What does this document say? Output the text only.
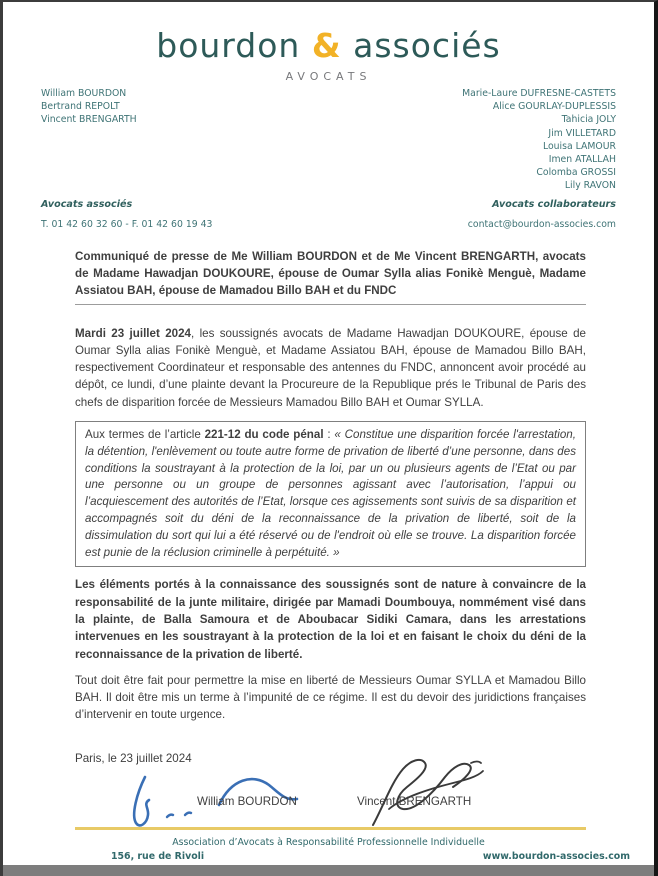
bourdon & associés
AVOCATS
William BOURDON
Bertrand REPOLT
Vincent BRENGARTH
Marie-Laure DUFRESNE-CASTETS
Alice GOURLAY-DUPLESSIS
Tahicia JOLY
Jim VILLETARD
Louisa LAMOUR
Imen ATALLAH
Colomba GROSSI
Lily RAVON
Avocats associés	Avocats collaborateurs
T. 01 42 60 32 60 - F. 01 42 60 19 43	contact@bourdon-associes.com

Communiqué de presse de Me William BOURDON et de Me Vincent BRENGARTH, avocats de Madame Hawadjan DOUKOURE, épouse de Oumar Sylla alias Fonikè Menguè, Madame Assiatou BAH, épouse de Mamadou Billo BAH et du FNDC

Mardi 23 juillet 2024, les soussignés avocats de Madame Hawadjan DOUKOURE, épouse de Oumar Sylla alias Fonikè Menguè, et Madame Assiatou BAH, épouse de Mamadou Billo BAH, respectivement Coordinateur et responsable des antennes du FNDC, annoncent avoir procédé au dépôt, ce lundi, d’une plainte devant la Procureure de la Republique prés le Tribunal de Paris des chefs de disparition forcée de Messieurs Mamadou Billo BAH et Oumar SYLLA.

Aux termes de l’article 221-12 du code pénal : « Constitue une disparition forcée l'arrestation, la détention, l'enlèvement ou toute autre forme de privation de liberté d’une personne, dans des conditions la soustrayant à la protection de la loi, par un ou plusieurs agents de l’Etat ou par une personne ou un groupe de personnes agissant avec l’autorisation, l’appui ou l’acquiescement des autorités de l’Etat, lorsque ces agissements sont suivis de sa disparition et accompagnés soit du déni de la reconnaissance de la privation de liberté, soit de la dissimulation du sort qui lui a été réservé ou de l'endroit où elle se trouve. La disparition forcée est punie de la réclusion criminelle à perpétuité. »

Les éléments portés à la connaissance des soussignés sont de nature à convaincre de la responsabilité de la junte militaire, dirigée par Mamadi Doumbouya, nommément visé dans la plainte, de Balla Samoura et de Aboubacar Sidiki Camara, dans les arrestations intervenues en les soustrayant à la protection de la loi et en faisant le choix du déni de la reconnaissance de la privation de liberté.

Tout doit être fait pour permettre la mise en liberté de Messieurs Oumar SYLLA et Mamadou Billo BAH. Il doit être mis un terme à l’impunité de ce régime. Il est du devoir des juridictions françaises d’intervenir en toute urgence.

Paris, le 23 juillet 2024

William BOURDON	Vincent BRENGARTH
Association d’Avocats à Responsabilité Professionnelle Individuelle
156, rue de Rivoli	www.bourdon-associes.com
